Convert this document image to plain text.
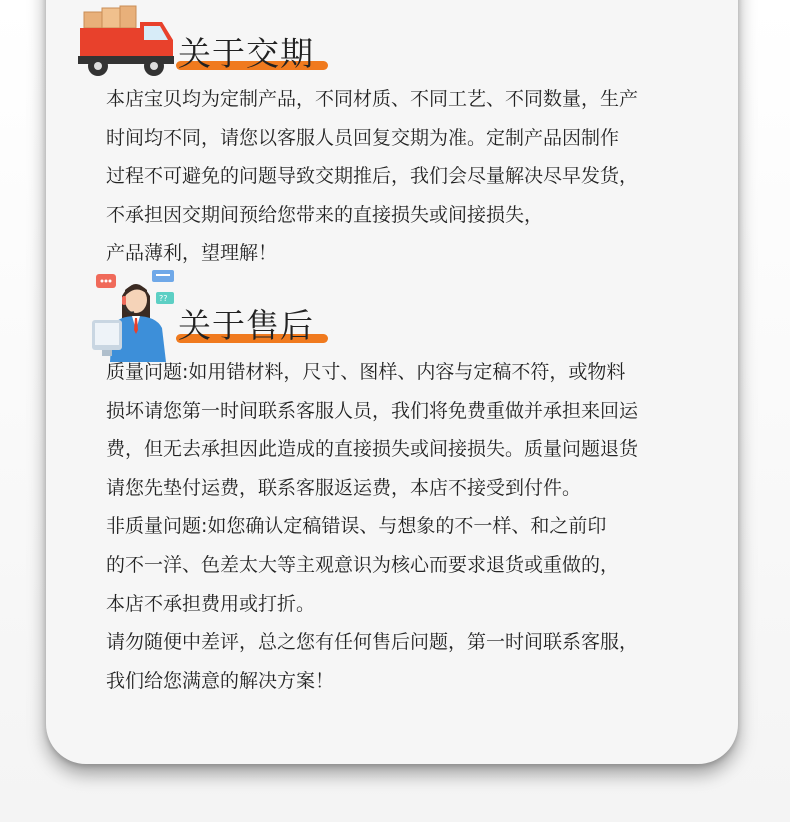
关于交期
本店宝贝均为定制产品，不同材质、不同工艺、不同数量，生产
时间均不同，请您以客服人员回复交期为准。定制产品因制作
过程不可避免的问题导致交期推后，我们会尽量解决尽早发货，
不承担因交期间预给您带来的直接损失或间接损失，
产品薄利，望理解！
??
关于售后
质量问题:如用错材料，尺寸、图样、内容与定稿不符，或物料
损坏请您第一时间联系客服人员，我们将免费重做并承担来回运
费，但无去承担因此造成的直接损失或间接损失。质量问题退货
请您先垫付运费，联系客服返运费，本店不接受到付件。
非质量问题:如您确认定稿错误、与想象的不一样、和之前印
的不一洋、色差太大等主观意识为核心而要求退货或重做的，
本店不承担费用或打折。
请勿随便中差评，总之您有任何售后问题，第一时间联系客服，
我们给您满意的解决方案！
